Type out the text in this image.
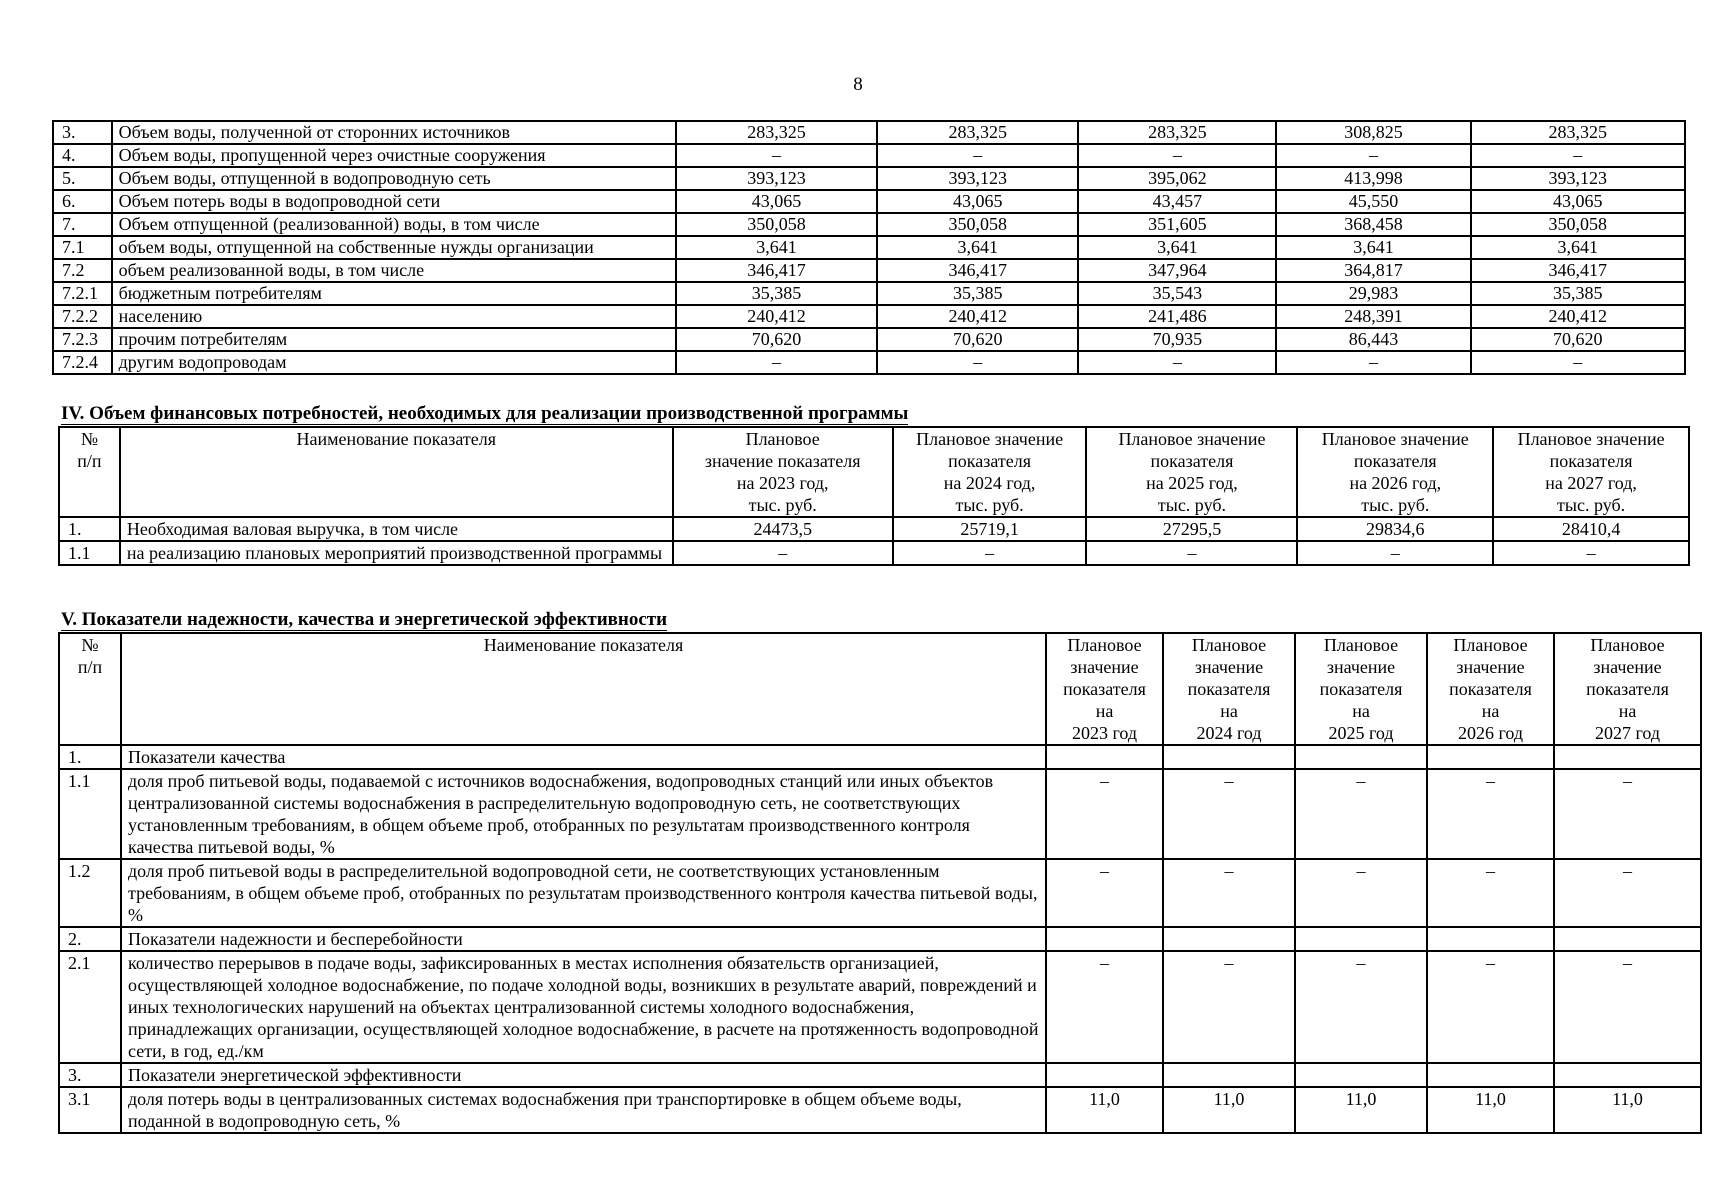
8
3.	Объем воды, полученной от сторонних источников	283,325	283,325	283,325	308,825	283,325
4.	Объем воды, пропущенной через очистные сооружения	–	–	–	–	–
5.	Объем воды, отпущенной в водопроводную сеть	393,123	393,123	395,062	413,998	393,123
6.	Объем потерь воды в водопроводной сети	43,065	43,065	43,457	45,550	43,065
7.	Объем отпущенной (реализованной) воды, в том числе	350,058	350,058	351,605	368,458	350,058
7.1	объем воды, отпущенной на собственные нужды организации	3,641	3,641	3,641	3,641	3,641
7.2	объем реализованной воды, в том числе	346,417	346,417	347,964	364,817	346,417
7.2.1	бюджетным потребителям	35,385	35,385	35,543	29,983	35,385
7.2.2	населению	240,412	240,412	241,486	248,391	240,412
7.2.3	прочим потребителям	70,620	70,620	70,935	86,443	70,620
7.2.4	другим водопроводам	–	–	–	–	–
IV. Объем финансовых потребностей, необходимых для реализации производственной программы
№
п/п	Наименование показателя	Плановое
значение показателя
на 2023 год,
тыс. руб.	Плановое значение
показателя
на 2024 год,
тыс. руб.	Плановое значение
показателя
на 2025 год,
тыс. руб.	Плановое значение
показателя
на 2026 год,
тыс. руб.	Плановое значение
показателя
на 2027 год,
тыс. руб.
1.	Необходимая валовая выручка, в том числе	24473,5	25719,1	27295,5	29834,6	28410,4
1.1	на реализацию плановых мероприятий производственной программы	–	–	–	–	–
V. Показатели надежности, качества и энергетической эффективности
№
п/п	Наименование показателя	Плановое
значение
показателя
на
2023 год	Плановое
значение
показателя
на
2024 год	Плановое
значение
показателя
на
2025 год	Плановое
значение
показателя
на
2026 год	Плановое
значение
показателя
на
2027 год
1.	Показатели качества					
1.1	доля проб питьевой воды, подаваемой с источников водоснабжения, водопроводных станций или иных объектов централизованной системы водоснабжения в распределительную водопроводную сеть, не соответствующих установленным требованиям, в общем объеме проб, отобранных по результатам производственного контроля качества питьевой воды, %	–	–	–	–	–
1.2	доля проб питьевой воды в распределительной водопроводной сети, не соответствующих установленным требованиям, в общем объеме проб, отобранных по результатам производственного контроля качества питьевой воды, %	–	–	–	–	–
2.	Показатели надежности и бесперебойности					
2.1	количество перерывов в подаче воды, зафиксированных в местах исполнения обязательств организацией, осуществляющей холодное водоснабжение, по подаче холодной воды, возникших в результате аварий, повреждений и иных технологических нарушений на объектах централизованной системы холодного водоснабжения, принадлежащих организации, осуществляющей холодное водоснабжение, в расчете на протяженность водопроводной сети, в год, ед./км	–	–	–	–	–
3.	Показатели энергетической эффективности					
3.1	доля потерь воды в централизованных системах водоснабжения при транспортировке в общем объеме воды, поданной в водопроводную сеть, %	11,0	11,0	11,0	11,0	11,0
